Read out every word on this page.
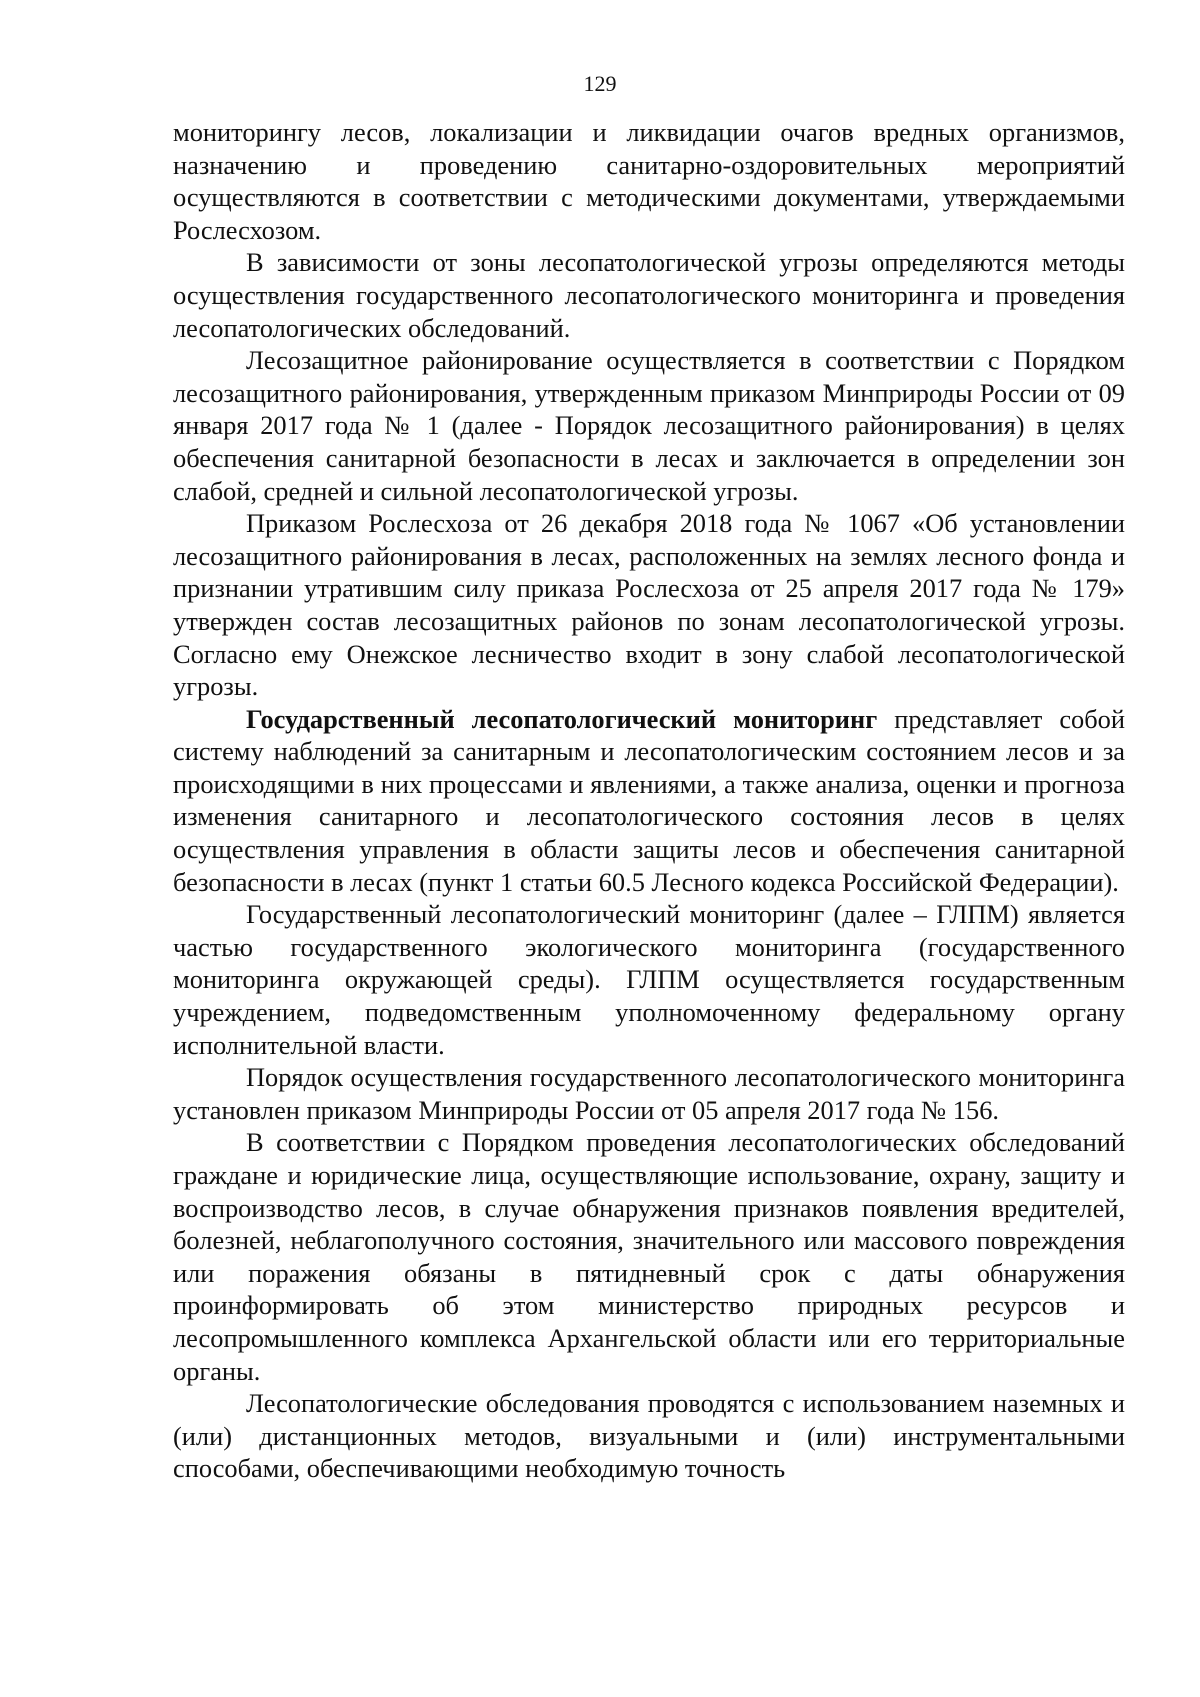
129

мониторингу лесов, локализации и ликвидации очагов вредных организмов, назначению и проведению санитарно-оздоровительных мероприятий осуществляются в соответствии с методическими документами, утверждаемыми Рослесхозом.

В зависимости от зоны лесопатологической угрозы определяются методы осуществления государственного лесопатологического мониторинга и проведения лесопатологических обследований.

Лесозащитное районирование осуществляется в соответствии с Порядком лесозащитного районирования, утвержденным приказом Минприроды России от 09 января 2017 года № 1 (далее - Порядок лесозащитного районирования) в целях обеспечения санитарной безопасности в лесах и заключается в определении зон слабой, средней и сильной лесопатологической угрозы.

Приказом Рослесхоза от 26 декабря 2018 года № 1067 «Об установлении лесозащитного районирования в лесах, расположенных на землях лесного фонда и признании утратившим силу приказа Рослесхоза от 25 апреля 2017 года № 179» утвержден состав лесозащитных районов по зонам лесопатологической угрозы. Согласно ему Онежское лесничество входит в зону слабой лесопатологической угрозы.

Государственный лесопатологический мониторинг представляет собой систему наблюдений за санитарным и лесопатологическим состоянием лесов и за происходящими в них процессами и явлениями, а также анализа, оценки и прогноза изменения санитарного и лесопатологического состояния лесов в целях осуществления управления в области защиты лесов и обеспечения санитарной безопасности в лесах (пункт 1 статьи 60.5 Лесного кодекса Российской Федерации).

Государственный лесопатологический мониторинг (далее – ГЛПМ) является частью государственного экологического мониторинга (государственного мониторинга окружающей среды). ГЛПМ осуществляется государственным учреждением, подведомственным уполномоченному федеральному органу исполнительной власти.

Порядок осуществления государственного лесопатологического мониторинга установлен приказом Минприроды России от 05 апреля 2017 года № 156.

В соответствии с Порядком проведения лесопатологических обследований граждане и юридические лица, осуществляющие использование, охрану, защиту и воспроизводство лесов, в случае обнаружения признаков появления вредителей, болезней, неблагополучного состояния, значительного или массового повреждения или поражения обязаны в пятидневный срок с даты обнаружения проинформировать об этом министерство природных ресурсов и лесопромышленного комплекса Архангельской области или его территориальные органы.

Лесопатологические обследования проводятся с использованием наземных и (или) дистанционных методов, визуальными и (или) инструментальными способами, обеспечивающими необходимую точность
